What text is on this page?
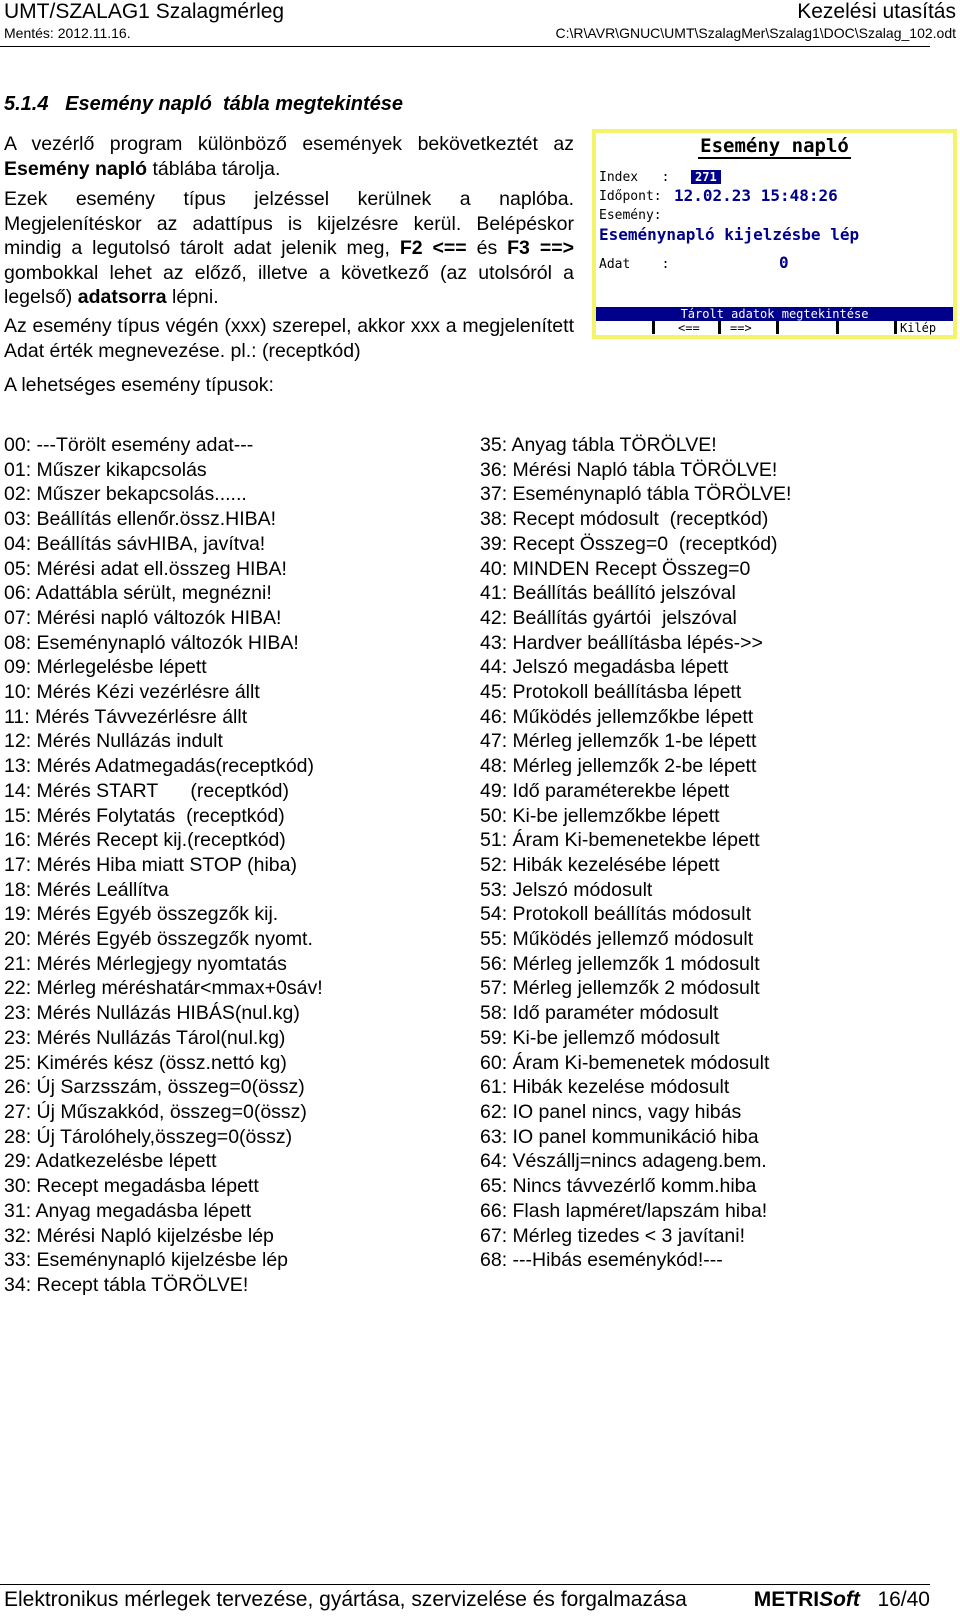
UMT/SZALAG1 Szalagmérleg	Kezelési utasítás
Mentés: 2012.11.16.	C:\R\AVR\GNUC\UMT\SzalagMer\Szalag1\DOC\Szalag_102.odt
5.1.4 Esemény napló  tábla megtekintése
A vezérlő program különböző események bekövetkeztét az Esemény napló táblába tárolja.
Ezek esemény típus jelzéssel kerülnek a naplóba. Megjelenítéskor az adattípus is kijelzésre kerül. Belépéskor mindig a legutolsó tárolt adat jelenik meg, F2 <== és F3 ==>  gombokkal lehet az előző, illetve a következő (az utolsóról a legelső) adatsorra lépni.
Az esemény típus végén (xxx) szerepel, akkor xxx a megjelenített Adat érték megnevezése. pl.: (receptkód)
A lehetséges esemény típusok:
Esemény napló
Index   :	271
Időpont: 12.02.23 15:48:26
Esemény:
Eseménynapló kijelzésbe lép
Adat    :	0
Tárolt adatok megtekintése
<==	==>	Kilép
00: ---Törölt esemény adat---
01: Műszer kikapcsolás
02: Műszer bekapcsolás......
03: Beállítás ellenőr.össz.HIBA!
04: Beállítás sávHIBA, javítva!
05: Mérési adat ell.összeg HIBA!
06: Adattábla sérült, megnézni!
07: Mérési napló változók HIBA!
08: Eseménynapló változók HIBA!
09: Mérlegelésbe lépett
10: Mérés Kézi vezérlésre állt
11: Mérés Távvezérlésre állt
12: Mérés Nullázás indult
13: Mérés Adatmegadás(receptkód)
14: Mérés START      (receptkód)
15: Mérés Folytatás  (receptkód)
16: Mérés Recept kij.(receptkód)
17: Mérés Hiba miatt STOP (hiba)
18: Mérés Leállítva
19: Mérés Egyéb összegzők kij.
20: Mérés Egyéb összegzők nyomt.
21: Mérés Mérlegjegy nyomtatás
22: Mérleg méréshatár<mmax+0sáv!
23: Mérés Nullázás HIBÁS(nul.kg)
23: Mérés Nullázás Tárol(nul.kg)
25: Kimérés kész (össz.nettó kg)
26: Új Sarzsszám, összeg=0(össz)
27: Új Műszakkód, összeg=0(össz)
28: Új Tárolóhely,összeg=0(össz)
29: Adatkezelésbe lépett
30: Recept megadásba lépett
31: Anyag megadásba lépett
32: Mérési Napló kijelzésbe lép
33: Eseménynapló kijelzésbe lép
34: Recept tábla TÖRÖLVE!
35: Anyag tábla TÖRÖLVE!
36: Mérési Napló tábla TÖRÖLVE!
37: Eseménynapló tábla TÖRÖLVE!
38: Recept módosult  (receptkód)
39: Recept Összeg=0  (receptkód)
40: MINDEN Recept Összeg=0
41: Beállítás beállító jelszóval
42: Beállítás gyártói  jelszóval
43: Hardver beállításba lépés->>
44: Jelszó megadásba lépett
45: Protokoll beállításba lépett
46: Működés jellemzőkbe lépett
47: Mérleg jellemzők 1-be lépett
48: Mérleg jellemzők 2-be lépett
49: Idő paraméterekbe lépett
50: Ki-be jellemzőkbe lépett
51: Áram Ki-bemenetekbe lépett
52: Hibák kezelésébe lépett
53: Jelszó módosult
54: Protokoll beállítás módosult
55: Működés jellemző módosult
56: Mérleg jellemzők 1 módosult
57: Mérleg jellemzők 2 módosult
58: Idő paraméter módosult
59: Ki-be jellemző módosult
60: Áram Ki-bemenetek módosult
61: Hibák kezelése módosult
62: IO panel nincs, vagy hibás
63: IO panel kommunikáció hiba
64: Vészállj=nincs adageng.bem.
65: Nincs távvezérlő komm.hiba
66: Flash lapméret/lapszám hiba!
67: Mérleg tizedes < 3 javítani!
68: ---Hibás eseménykód!---
Elektronikus mérlegek tervezése, gyártása, szervizelése és forgalmazása	METRISoft 16/40
